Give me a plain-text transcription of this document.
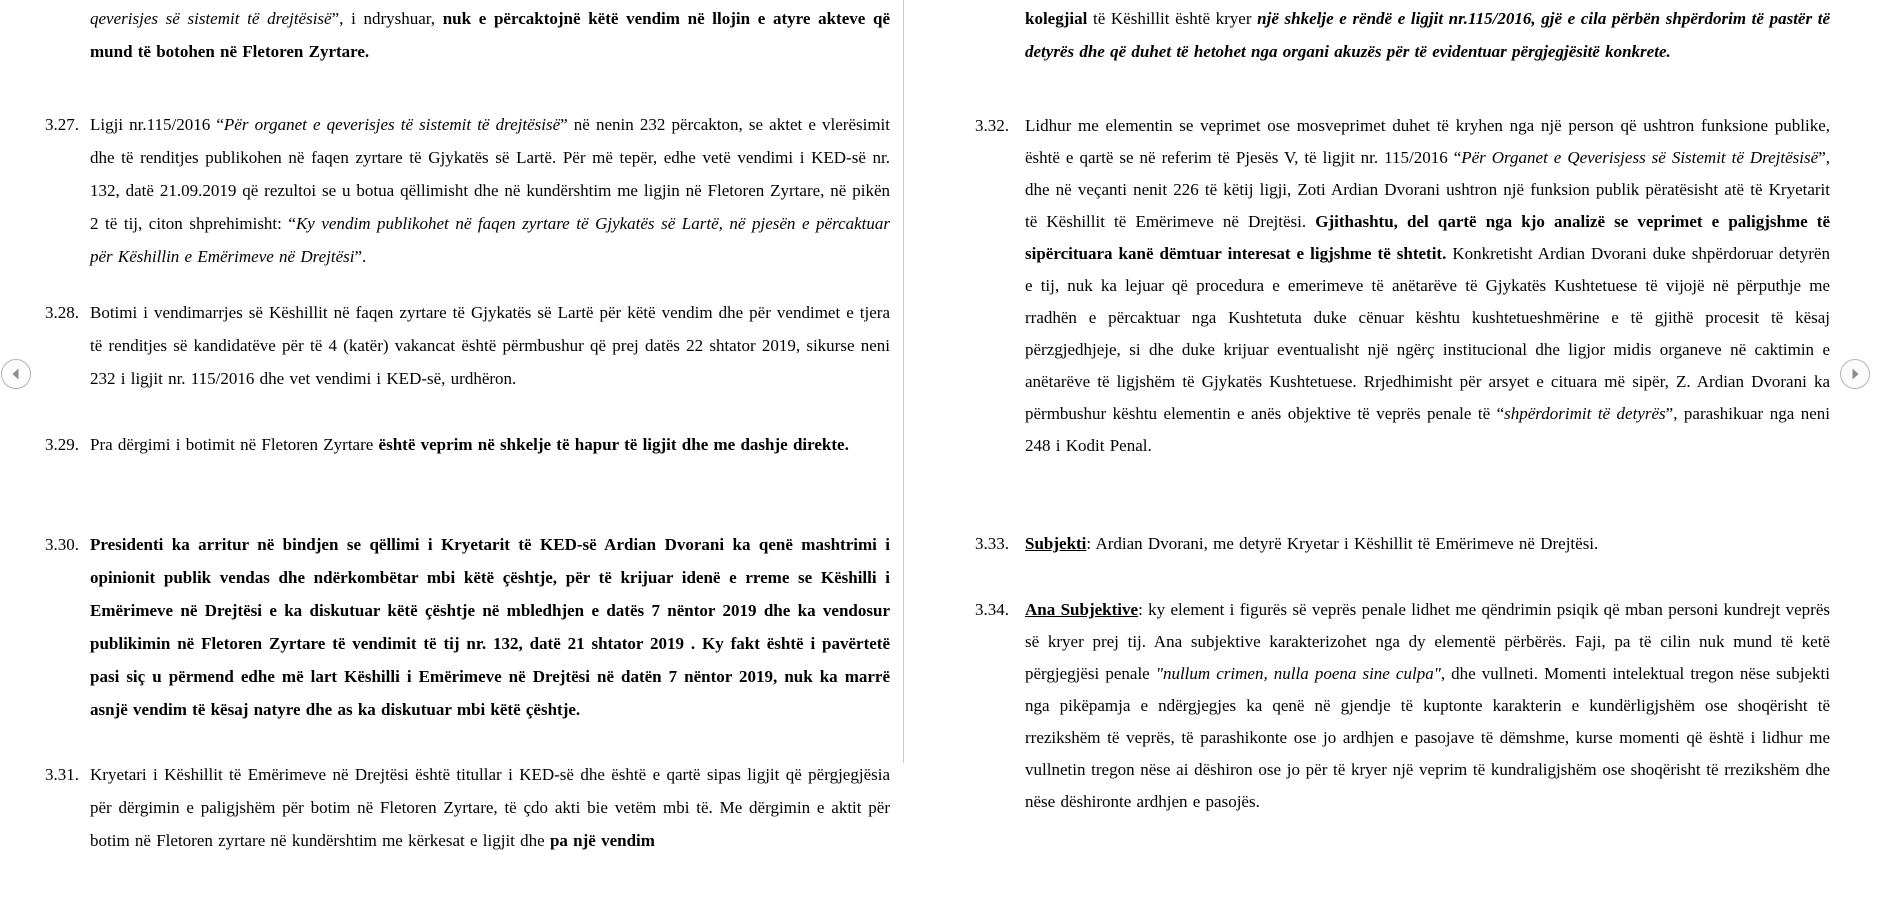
qeverisjes së sistemit të drejtësisë”, i ndryshuar, nuk e përcaktojnë këtë vendim në llojin e atyre akteve që mund të botohen në Fletoren Zyrtare.
3.27. Ligji nr.115/2016 “Për organet e qeverisjes të sistemit të drejtësisë” në nenin 232 përcakton, se aktet e vlerësimit dhe të renditjes publikohen në faqen zyrtare të Gjykatës së Lartë. Për më tepër, edhe vetë vendimi i KED-së nr. 132, datë 21.09.2019 që rezultoi se u botua qëllimisht dhe në kundërshtim me ligjin në Fletoren Zyrtare, në pikën 2 të tij, citon shprehimisht: “Ky vendim publikohet në faqen zyrtare të Gjykatës së Lartë, në pjesën e përcaktuar për Këshillin e Emërimeve në Drejtësi”.
3.28. Botimi i vendimarrjes së Këshillit në faqen zyrtare të Gjykatës së Lartë për këtë vendim dhe për vendimet e tjera të renditjes së kandidatëve për të 4 (katër) vakancat është përmbushur që prej datës 22 shtator 2019, sikurse neni 232 i ligjit nr. 115/2016 dhe vet vendimi i KED-së, urdhëron.
3.29. Pra dërgimi i botimit në Fletoren Zyrtare është veprim në shkelje të hapur të ligjit dhe me dashje direkte.
3.30. Presidenti ka arritur në bindjen se qëllimi i Kryetarit të KED-së Ardian Dvorani ka qenë mashtrimi i opinionit publik vendas dhe ndërkombëtar mbi këtë çështje, për të krijuar idenë e rreme se Këshilli i Emërimeve në Drejtësi e ka diskutuar këtë çështje në mbledhjen e datës 7 nëntor 2019 dhe ka vendosur publikimin në Fletoren Zyrtare të vendimit të tij nr. 132, datë 21 shtator 2019 . Ky fakt është i pavërtetë pasi siç u përmend edhe më lart Këshilli i Emërimeve në Drejtësi në datën 7 nëntor 2019, nuk ka marrë asnjë vendim të kësaj natyre dhe as ka diskutuar mbi këtë çështje.
3.31. Kryetari i Këshillit të Emërimeve në Drejtësi është titullar i KED-së dhe është e qartë sipas ligjit që përgjegjësia për dërgimin e paligjshëm për botim në Fletoren Zyrtare, të çdo akti bie vetëm mbi të. Me dërgimin e aktit për botim në Fletoren zyrtare në kundërshtim me kërkesat e ligjit dhe pa një vendim
kolegjial të Këshillit është kryer një shkelje e rëndë e ligjit nr.115/2016, gjë e cila përbën shpërdorim të pastër të detyrës dhe që duhet të hetohet nga organi akuzës për të evidentuar përgjegjësitë konkrete.
3.32. Lidhur me elementin se veprimet ose mosveprimet duhet të kryhen nga një person që ushtron funksione publike, është e qartë se në referim të Pjesës V, të ligjit nr. 115/2016 “Për Organet e Qeverisjess së Sistemit të Drejtësisë”, dhe në veçanti nenit 226 të këtij ligji, Zoti Ardian Dvorani ushtron një funksion publik përatësisht atë të Kryetarit të Këshillit të Emërimeve në Drejtësi. Gjithashtu, del qartë nga kjo analizë se veprimet e paligjshme të sipërcituara kanë dëmtuar interesat e ligjshme të shtetit. Konkretisht Ardian Dvorani duke shpërdoruar detyrën e tij, nuk ka lejuar që procedura e emerimeve të anëtarëve të Gjykatës Kushtetuese të vijojë në përputhje me rradhën e përcaktuar nga Kushtetuta duke cënuar kështu kushtetueshmërine e të gjithë procesit të kësaj përzgjedhjeje, si dhe duke krijuar eventualisht një ngërç institucional dhe ligjor midis organeve në caktimin e anëtarëve të ligjshëm të Gjykatës Kushtetuese. Rrjedhimisht për arsyet e cituara më sipër, Z. Ardian Dvorani ka përmbushur kështu elementin e anës objektive të veprës penale të “shpërdorimit të detyrës”, parashikuar nga neni 248 i Kodit Penal.
3.33. Subjekti: Ardian Dvorani, me detyrë Kryetar i Këshillit të Emërimeve në Drejtësi.
3.34. Ana Subjektive: ky element i figurës së veprës penale lidhet me qëndrimin psiqik që mban personi kundrejt veprës së kryer prej tij. Ana subjektive karakterizohet nga dy elementë përbërës. Faji, pa të cilin nuk mund të ketë përgjegjësi penale "nullum crimen, nulla poena sine culpa", dhe vullneti. Momenti intelektual tregon nëse subjekti nga pikëpamja e ndërgjegjes ka qenë në gjendje të kuptonte karakterin e kundërligjshëm ose shoqërisht të rrezikshëm të veprës, të parashikonte ose jo ardhjen e pasojave të dëmshme, kurse momenti që është i lidhur me vullnetin tregon nëse ai dëshiron ose jo për të kryer një veprim të kundraligjshëm ose shoqërisht të rrezikshëm dhe nëse dëshironte ardhjen e pasojës.
